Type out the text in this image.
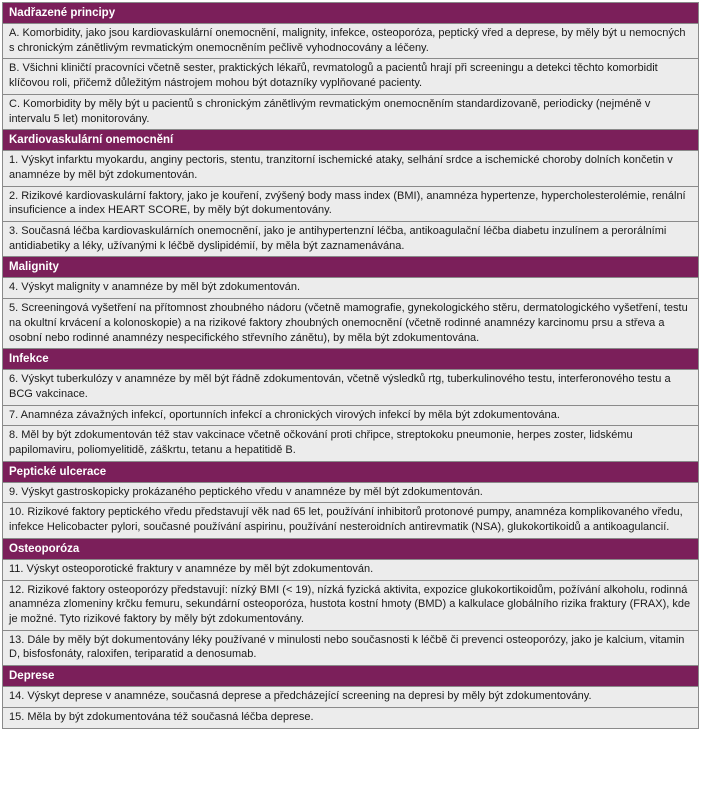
Nadřazené principy
A. Komorbidity, jako jsou kardiovaskulární onemocnění, malignity, infekce, osteoporóza, peptický vřed a deprese, by měly být u nemocných s chronickým zánětlivým revmatickým onemocněním pečlivě vyhodnocovány a léčeny.
B. Všichni kliničtí pracovníci včetně sester, praktických lékařů, revmatologů a pacientů hrají při screeningu a detekci těchto komorbidit klíčovou roli, přičemž důležitým nástrojem mohou být dotazníky vyplňované pacienty.
C. Komorbidity by měly být u pacientů s chronickým zánětlivým revmatickým onemocněním standardizovaně, periodicky (nejméně v intervalu 5 let) monitorovány.
Kardiovaskulární onemocnění
1. Výskyt infarktu myokardu, anginy pectoris, stentu, tranzitorní ischemické ataky, selhání srdce a ischemické choroby dolních končetin v anamnéze by měl být zdokumentován.
2. Rizikové kardiovaskulární faktory, jako je kouření, zvýšený body mass index (BMI), anamnéza hypertenze, hypercholesterolémie, renální insuficience a index HEART SCORE, by měly být dokumentovány.
3. Současná léčba kardiovaskulárních onemocnění, jako je antihypertenzní léčba, antikoagulační léčba diabetu inzulínem a perorálními antidiabetiky a léky, užívanými k léčbě dyslipidémií, by měla být zaznamenávána.
Malignity
4. Výskyt malignity v anamnéze by měl být zdokumentován.
5. Screeningová vyšetření na přítomnost zhoubného nádoru (včetně mamografie, gynekologického stěru, dermatologického vyšetření, testu na okultní krvácení a kolonoskopie) a na rizikové faktory zhoubných onemocnění (včetně rodinné anamnézy karcinomu prsu a střeva a osobní nebo rodinné anamnézy nespecifického střevního zánětu), by měla být zdokumentována.
Infekce
6. Výskyt tuberkulózy v anamnéze by měl být řádně zdokumentován, včetně výsledků rtg, tuberkulinového testu, interferonového testu a BCG vakcinace.
7. Anamnéza závažných infekcí, oportunních infekcí a chronických virových infekcí by měla být zdokumentována.
8. Měl by být zdokumentován též stav vakcinace včetně očkování proti chřipce, streptokoku pneumonie, herpes zoster, lidskému papilomaviru, poliomyelitidě, záškrtu, tetanu a hepatitidě B.
Peptické ulcerace
9. Výskyt gastroskopicky prokázaného peptického vředu v anamnéze by měl být zdokumentován.
10. Rizikové faktory peptického vředu představují věk nad 65 let, používání inhibitorů protonové pumpy, anamnéza komplikovaného vředu, infekce Helicobacter pylori, současné používání aspirinu, používání nesteroidních antirevmatik (NSA), glukokortikoidů a antikoagulancií.
Osteoporóza
11. Výskyt osteoporotické fraktury v anamnéze by měl být zdokumentován.
12. Rizikové faktory osteoporózy představují: nízký BMI (< 19), nízká fyzická aktivita, expozice glukokortikoidům, požívání alkoholu, rodinná anamnéza zlomeniny krčku femuru, sekundární osteoporóza, hustota kostní hmoty (BMD) a kalkulace globálního rizika fraktury (FRAX), kde je možné. Tyto rizikové faktory by měly být zdokumentovány.
13. Dále by měly být dokumentovány léky používané v minulosti nebo současnosti k léčbě či prevenci osteoporózy, jako je kalcium, vitamin D, bisfosfonáty, raloxifen, teriparatid a denosumab.
Deprese
14. Výskyt deprese v anamnéze, současná deprese a předcházející screening na depresi by měly být zdokumentovány.
15. Měla by být zdokumentována též současná léčba deprese.
